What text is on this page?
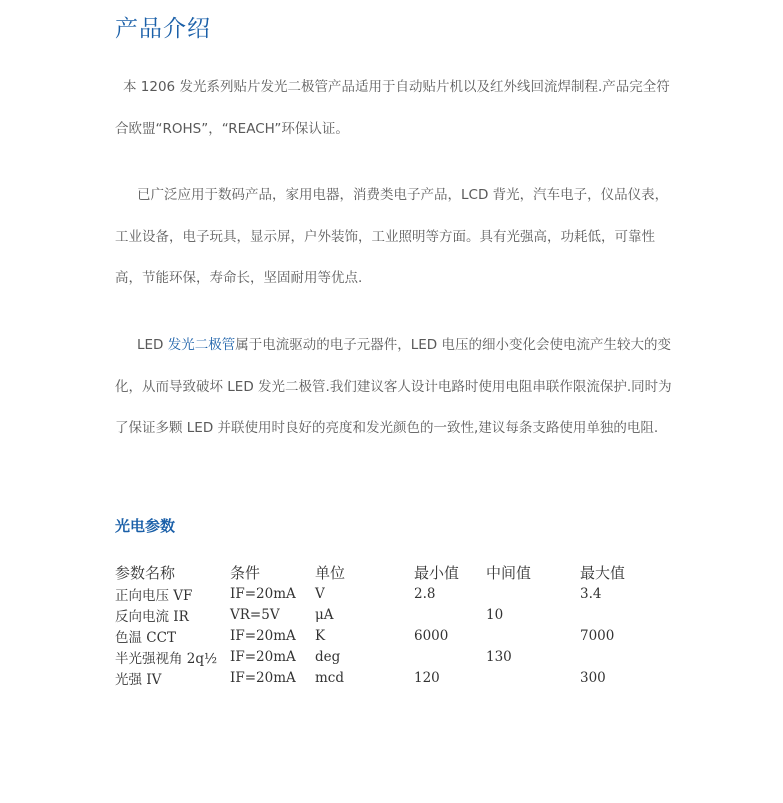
产品介绍

本 1206 发光系列贴片发光二极管产品适用于自动贴片机以及红外线回流焊制程.产品完全符合欧盟“ROHS”，“REACH”环保认证。

已广泛应用于数码产品，家用电器，消费类电子产品，LCD 背光，汽车电子，仪品仪表，工业设备，电子玩具，显示屏，户外装饰，工业照明等方面。具有光强高，功耗低，可靠性高，节能环保，寿命长，坚固耐用等优点.

LED 发光二极管属于电流驱动的电子元器件，LED 电压的细小变化会使电流产生较大的变化，从而导致破坏 LED 发光二极管.我们建议客人设计电路时使用电阻串联作限流保护.同时为了保证多颗 LED 并联使用时良好的亮度和发光颜色的一致性,建议每条支路使用单独的电阻.

光电参数
参数名称	条件	单位	最小值	中间值	最大值
正向电压 VF	IF=20mA	V	2.8		3.4
反向电流 IR	VR=5V	μA		10	
色温 CCT	IF=20mA	K	6000		7000
半光强视角 2q½	IF=20mA	deg		130	
光强 IV	IF=20mA	mcd	120		300
